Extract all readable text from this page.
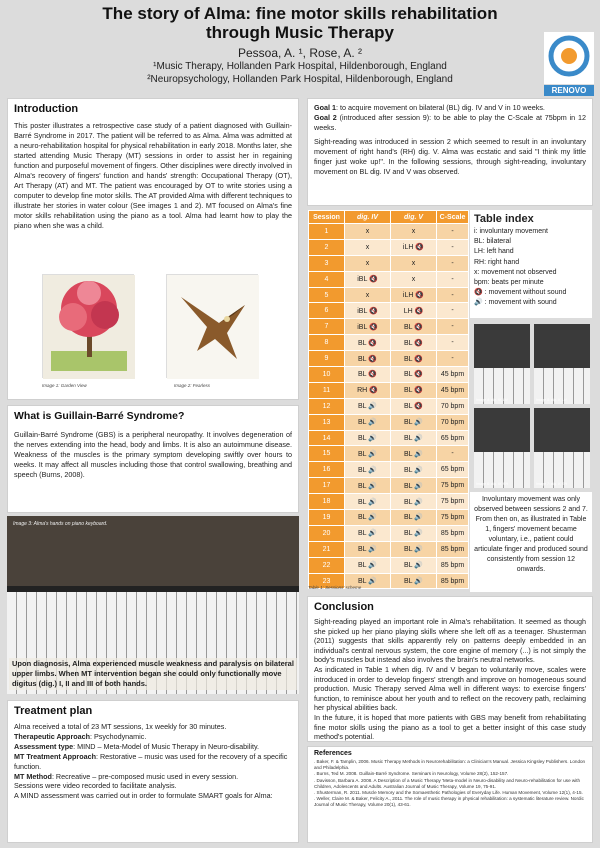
The story of Alma: fine motor skills rehabilitation
through Music Therapy
Pessoa, A. ¹, Rose, A. ²
¹Music Therapy, Hollanden Park Hospital, Hildenborough, England
²Neuropsychology, Hollanden Park Hospital, Hildenborough, England
RENOVO
Introduction
This poster illustrates a retrospective case study of a patient diagnosed with Guillain-Barré Syndrome in 2017. The patient will be referred to as Alma. Alma was admitted at a neuro-rehabilitation hospital for physical rehabilitation in early 2018. Months later, she started attending Music Therapy (MT) sessions in order to assist her in regaining function and purposeful movement of fingers. Other disciplines were directly involved in Alma's recovery of fingers' function and hands' strength: Occupational Therapy (OT), Art Therapy (AT) and MT. The patient was encouraged by OT to write stories using a computer to develop fine motor skills. The AT provided Alma with different techniques to illustrate her stories in water colour (See images 1 and 2). MT focused on Alma's fine motor skills rehabilitation using the piano as a tool. Alma had learnt how to play the piano when she was a child.
Image 1: Garden View	Image 2: Fearless
What is Guillain-Barré Syndrome?
Guillain-Barré Syndrome (GBS) is a peripheral neuropathy. It involves degeneration of the nerves extending into the head, body and limbs. It is also an autoimmune disease. Weakness of the muscles is the primary symptom developing swiftly over hours to weeks. It may affect all muscles including those that control swallowing, breathing and speech (Burns, 2008).
Image 3: Alma's hands on piano keyboard.
Upon diagnosis, Alma experienced muscle weakness and paralysis on bilateral upper limbs. When MT intervention began she could only functionally move digitus (dig.) I, II and III of both hands.
Treatment plan
Alma received a total of 23 MT sessions, 1x weekly for 30 minutes.
Therapeutic Approach: Psychodynamic.
Assessment type: MIND – Meta-Model of Music Therapy in Neuro-disability.
MT Treatment Approach: Restorative – music was used for the recovery of a specific function.
MT Method: Recreative – pre-composed music used in every session.
Sessions were video recorded to facilitate analysis.
A MIND assessment was carried out in order to formulate SMART goals for Alma:

Goal 1: to acquire movement on bilateral (BL) dig. IV and V in 10 weeks.

Goal 2 (introduced after session 9): to be able to play the C-Scale at 75bpm in 12 weeks.

Sight-reading was introduced in session 2 which seemed to result in an involuntary movement of right hand's (RH) dig. V. Alma was ecstatic and said "I think my little finger just woke up!". In the following sessions, through sight-reading, involuntary movement on BL dig. IV and V was observed.

Session	dig. IV	dig. V	C-Scale
1	x	x	-
2	x	iLH 🔇	-
3	x	x	-
4	iBL 🔇	x	-
5	x	iLH 🔇	-
6	iBL 🔇	LH 🔇	-
7	iBL 🔇	BL 🔇	-
8	BL 🔇	BL 🔇	-
9	BL 🔇	BL 🔇	-
10	BL 🔇	BL 🔇	45 bpm
11	RH 🔇	BL 🔇	45 bpm
12	BL 🔊	BL 🔇	70 bpm
13	BL 🔊	BL 🔊	70 bpm
14	BL 🔊	BL 🔊	65 bpm
15	BL 🔊	BL 🔊	-
16	BL 🔊	BL 🔊	65 bpm
17	BL 🔊	BL 🔊	75 bpm
18	BL 🔊	BL 🔊	75 bpm
19	BL 🔊	BL 🔊	75 bpm
20	BL 🔊	BL 🔊	85 bpm
21	BL 🔊	BL 🔊	85 bpm
22	BL 🔊	BL 🔊	85 bpm
23	BL 🔊	BL 🔊	85 bpm
Table 1: Sessions' scheme
Table index
i: involuntary movement
BL: bilateral
LH: left hand
RH: right hand
x: movement not observed
bpm: beats per minute
🔇 : movement without sound
🔊 : movement with sound
Image 4: dig. IV, LH	Image 5: dig. V, LH
Image 6: dig. IV, RH	Image 7: dig. V, RH
Involuntary movement was only observed between sessions 2 and 7. From then on, as illustrated in Table 1, fingers' movement became voluntary, i.e., patient could articulate finger and produced sound consistently from session 12 onwards.
Conclusion
Sight-reading played an important role in Alma's rehabilitation. It seemed as though she picked up her piano playing skills where she left off as a teenager. Shusterman (2011) suggests that skills apparently rely on patterns deeply embedded in an individual's central nervous system, the core engine of memory (...) is not simply the body's muscles but instead also involves the brain's neutral networks.
As indicated in Table 1 when dig. IV and V began to voluntarily move, scales were introduced in order to develop fingers' strength and improve on homogeneous sound production. Music Therapy served Alma well in different ways: to exercise fingers' function, to reminisce about her youth and to reflect on the recovery path, reclaiming her physical abilities back.
In the future, it is hoped that more patients with GBS may benefit from rehabilitating fine motor skills using the piano as a tool to get a better insight of this case study method's potential.
References
. Baker, F. & Tamplin, 2006. Music Therapy Methods in Neurorehabilitation: a Clinician's Manual. Jessica Kingsley Publishers. London and Philadelphia.
. Burns, Ted M. 2008. Guillain-Barré Syndrome. Seminars in Neurology, Volume 28(2), 152-157.
. Davisson, Barbara A. 2008. A Description of a Music Therapy 'Meta-model in Neuro-disability and Neuro-rehabilitation for use with Children, Adolescents and Adults. Australian Journal of Music Therapy, Volume 19, 75-91.
. Shusterman, R. 2011. Muscle Memory and the Somaesthetic Pathologies of Everyday Life. Human Movement, Volume 12(1), 4-15.
. Weller, Claire M. & Baker, Felicity A., 2011. The role of music therapy in physical rehabilitation: a systematic literature review. Nordic Journal of Music Therapy, Volume 20(1), 43-61.
